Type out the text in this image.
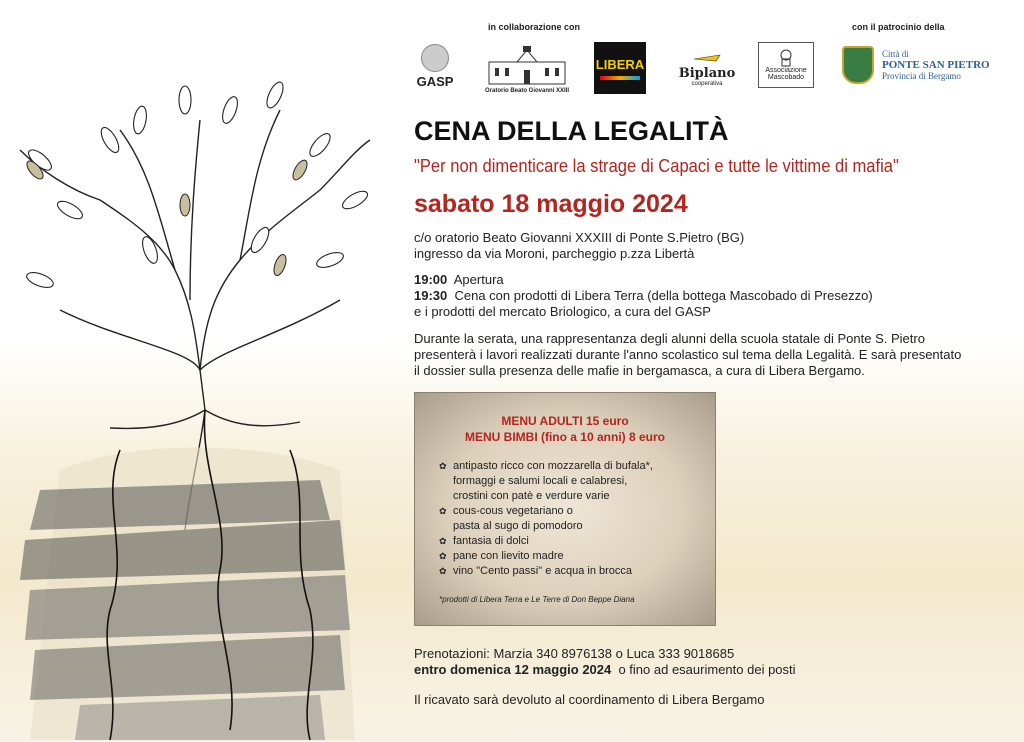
in collaborazione con	con il patrocinio della
GASP
Oratorio Beato Giovanni XXIII
LIBERA
Biplano
cooperativa
Associazione
Mascobado
Città di
PONTE SAN PIETRO
Provincia di Bergamo
CENA DELLA LEGALITÀ
"Per non dimenticare la strage di Capaci e tutte le vittime di mafia"
sabato 18 maggio 2024
c/o oratorio Beato Giovanni XXXIII di Ponte S.Pietro (BG)
ingresso da via Moroni, parcheggio p.zza Libertà
19:00 Apertura
19:30 Cena con prodotti di Libera Terra (della bottega Mascobado di Presezzo)
e i prodotti del mercato Briologico, a cura del GASP
Durante la serata, una rappresentanza degli alunni della scuola statale di Ponte S. Pietro
presenterà i lavori realizzati durante l'anno scolastico sul tema della Legalità. E sarà presentato
il dossier sulla presenza delle mafie in bergamasca, a cura di Libera Bergamo.
MENU ADULTI 15 euro
MENU BIMBI (fino a 10 anni) 8 euro
✿ antipasto ricco con mozzarella di bufala*,
formaggi e salumi locali e calabresi,
crostini con patè e verdure varie
✿ cous-cous vegetariano o
pasta al sugo di pomodoro
✿ fantasia di dolci
✿ pane con lievito madre
✿ vino "Cento passi" e acqua in brocca
*prodotti di Libera Terra e Le Terre di Don Beppe Diana
Prenotazioni: Marzia 340 8976138 o Luca 333 9018685
entro domenica 12 maggio 2024 o fino ad esaurimento dei posti
Il ricavato sarà devoluto al coordinamento di Libera Bergamo
